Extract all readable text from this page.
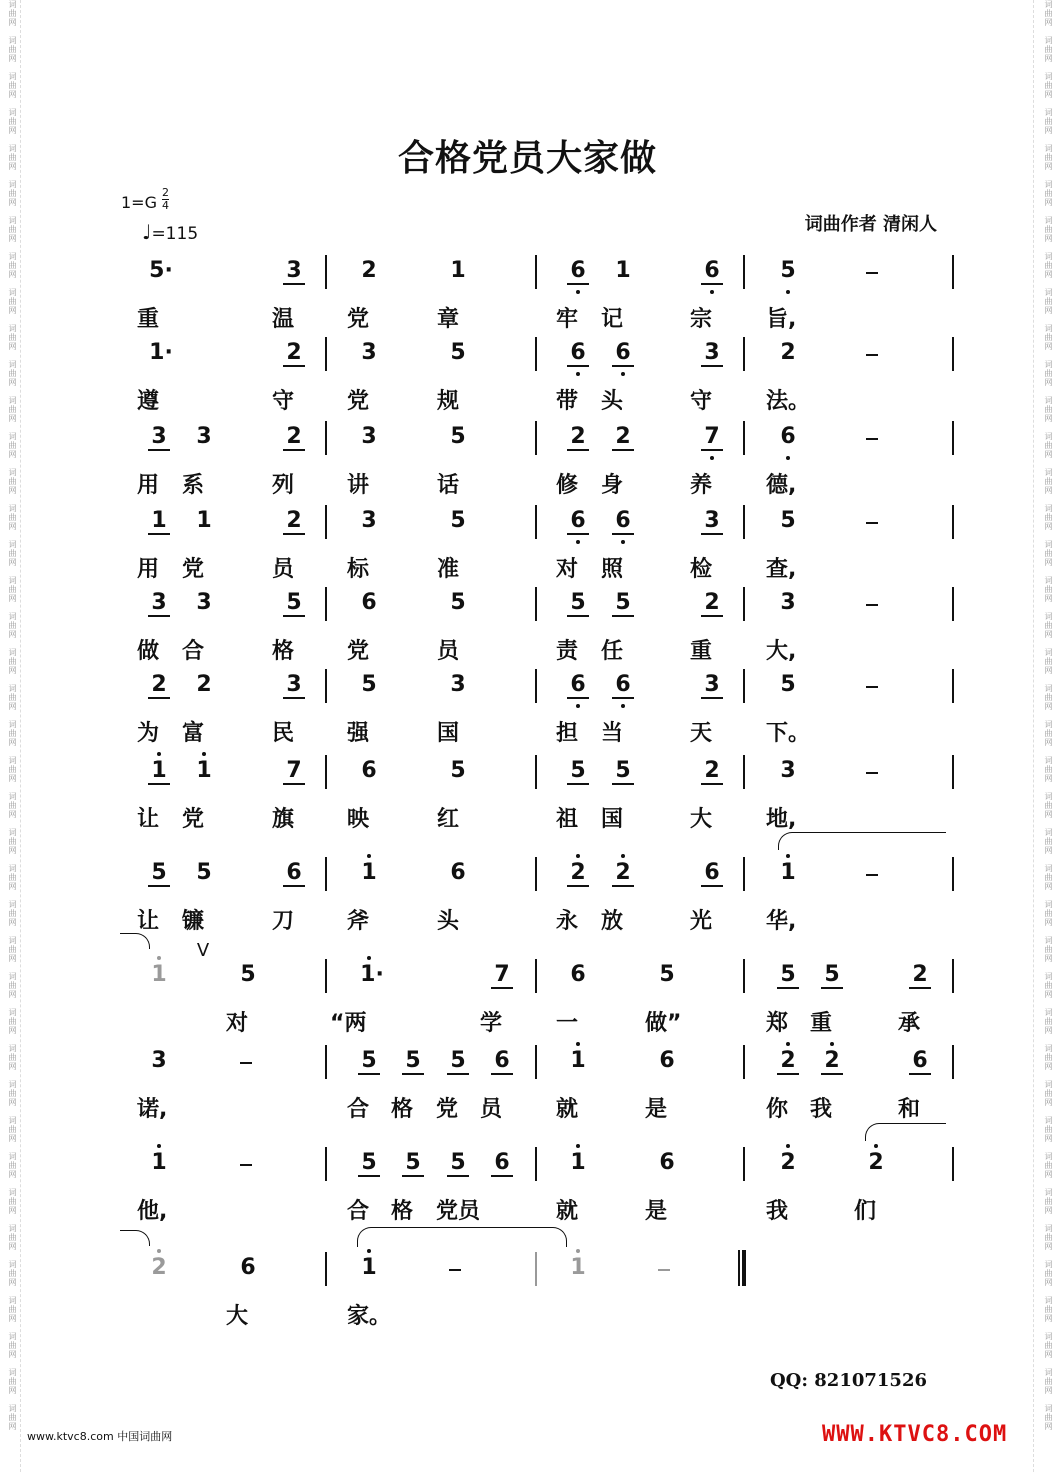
词曲网　词曲网　词曲网　词曲网　词曲网　词曲网　词曲网　词曲网　词曲网　词曲网　词曲网　词曲网　词曲网　词曲网　词曲网　词曲网　词曲网　词曲网　词曲网　词曲网　词曲网　词曲网　词曲网　词曲网　词曲网　词曲网　词曲网　词曲网　词曲网　词曲网　词曲网　词曲网　词曲网　词曲网　词曲网　词曲网　词曲网　词曲网　词曲网　词曲网　	词曲网　词曲网　词曲网　词曲网　词曲网　词曲网　词曲网　词曲网　词曲网　词曲网　词曲网　词曲网　词曲网　词曲网　词曲网　词曲网　词曲网　词曲网　词曲网　词曲网　词曲网　词曲网　词曲网　词曲网　词曲网　词曲网　词曲网　词曲网　词曲网　词曲网　词曲网　词曲网　词曲网　词曲网　词曲网　词曲网　词曲网　词曲网　词曲网　词曲网　
合格党员大家做
1=G
2
4
♩=115	词曲作者 清闲人
5·	3	2	1	6 1	6	5
重	温 党	章	牢 记	宗 旨,
1·	2	3	5	6 6	3	2
遵	守 党	规	带 头	守 法。
3 3	2	3	5	2 2	7	6
用 系	列 讲	话	修 身	养 德,
1 1	2	3	5	6 6	3	5
用 党	员 标	准	对 照	检 查,
3 3	5	6	5	5 5	2	3
做 合	格 党	员	责 任	重 大,
2 2	3	5	3	6 6	3	5
为 富	民 强	国	担 当	天 下。
1 1	7	6	5	5 5	2	3
让 党	旗 映	红	祖 国	大 地,
5 5	6	1	6	2 2	6	1
让 镰	刀 斧	头	永 放	光 华,
1
V
5	1·	7	6	5	5 5	2
对	“两	学 一	做”	郑 重	承
3	5 5 5 6	1	6	2 2	6
诺,	合 格 党 员 就	是	你 我	和
1	5 5 5 6	1	6	2	2
他,	合 格 党员	就	是	我	们
2	6	1	1
大	家。
QQ: 821071526
www.ktvc8.com 中国词曲网	WWW.KTVC8.COM
